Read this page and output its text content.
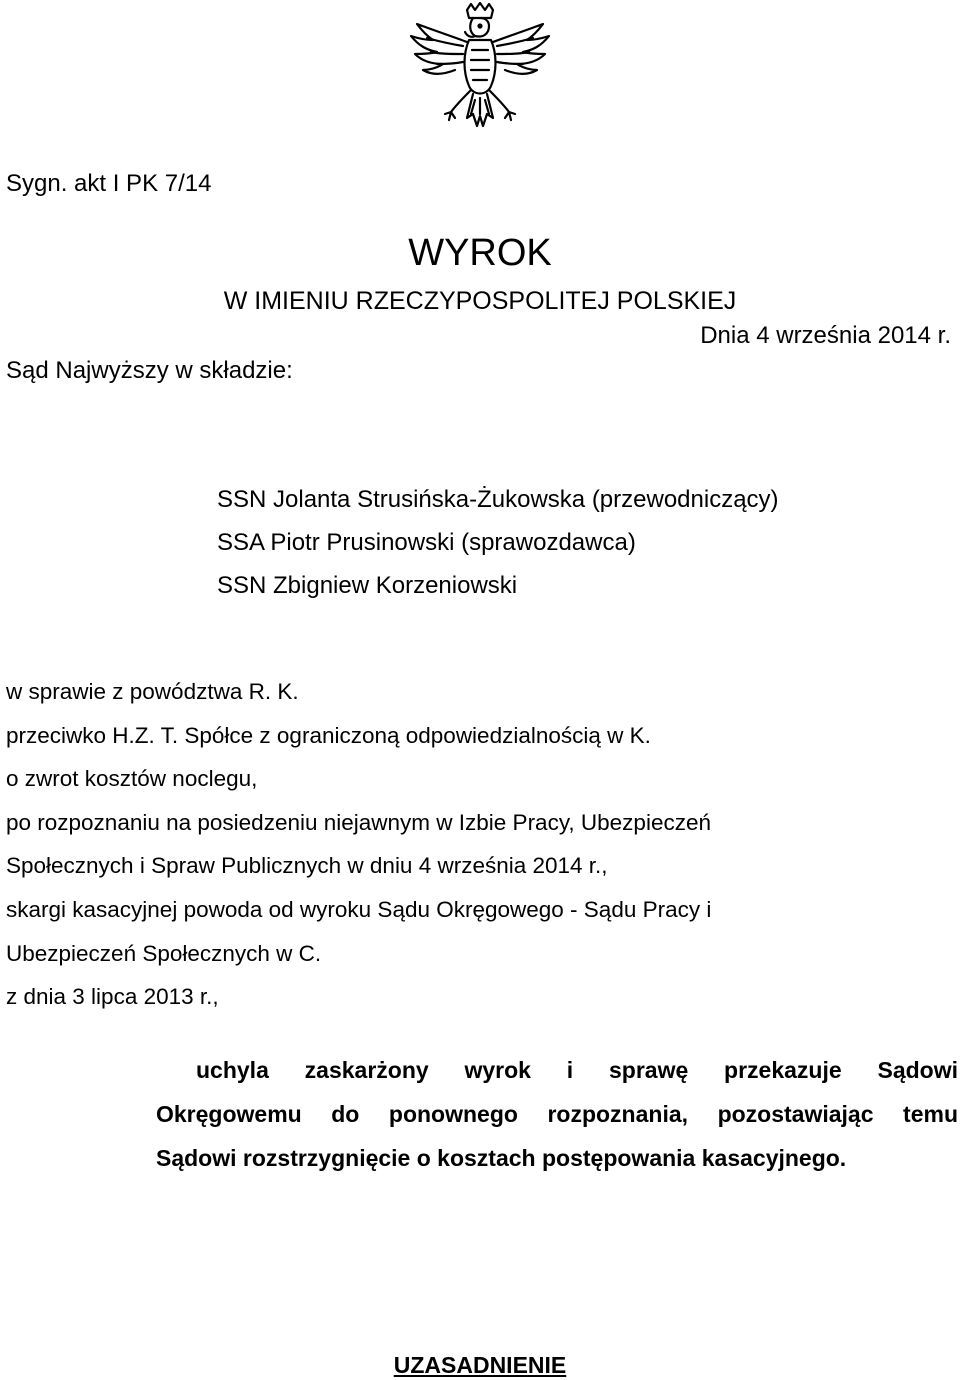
Sygn. akt I PK 7/14
WYROK
W IMIENIU RZECZYPOSPOLITEJ POLSKIEJ
Dnia 4 września 2014 r.
Sąd Najwyższy w składzie:
SSN Jolanta Strusińska-Żukowska (przewodniczący)
SSA Piotr Prusinowski (sprawozdawca)
SSN Zbigniew Korzeniowski
w sprawie z powództwa R. K.
przeciwko H.Z. T. Spółce z ograniczoną odpowiedzialnością w K.
o zwrot kosztów noclegu,
po rozpoznaniu na posiedzeniu niejawnym w Izbie Pracy, Ubezpieczeń
Społecznych i Spraw Publicznych w dniu 4 września 2014 r.,
skargi kasacyjnej powoda od wyroku Sądu Okręgowego - Sądu Pracy i
Ubezpieczeń Społecznych w C.
z dnia 3 lipca 2013 r.,
uchyla zaskarżony wyrok i sprawę przekazuje Sądowi
Okręgowemu do ponownego rozpoznania, pozostawiając temu
Sądowi rozstrzygnięcie o kosztach postępowania kasacyjnego.
UZASADNIENIE
